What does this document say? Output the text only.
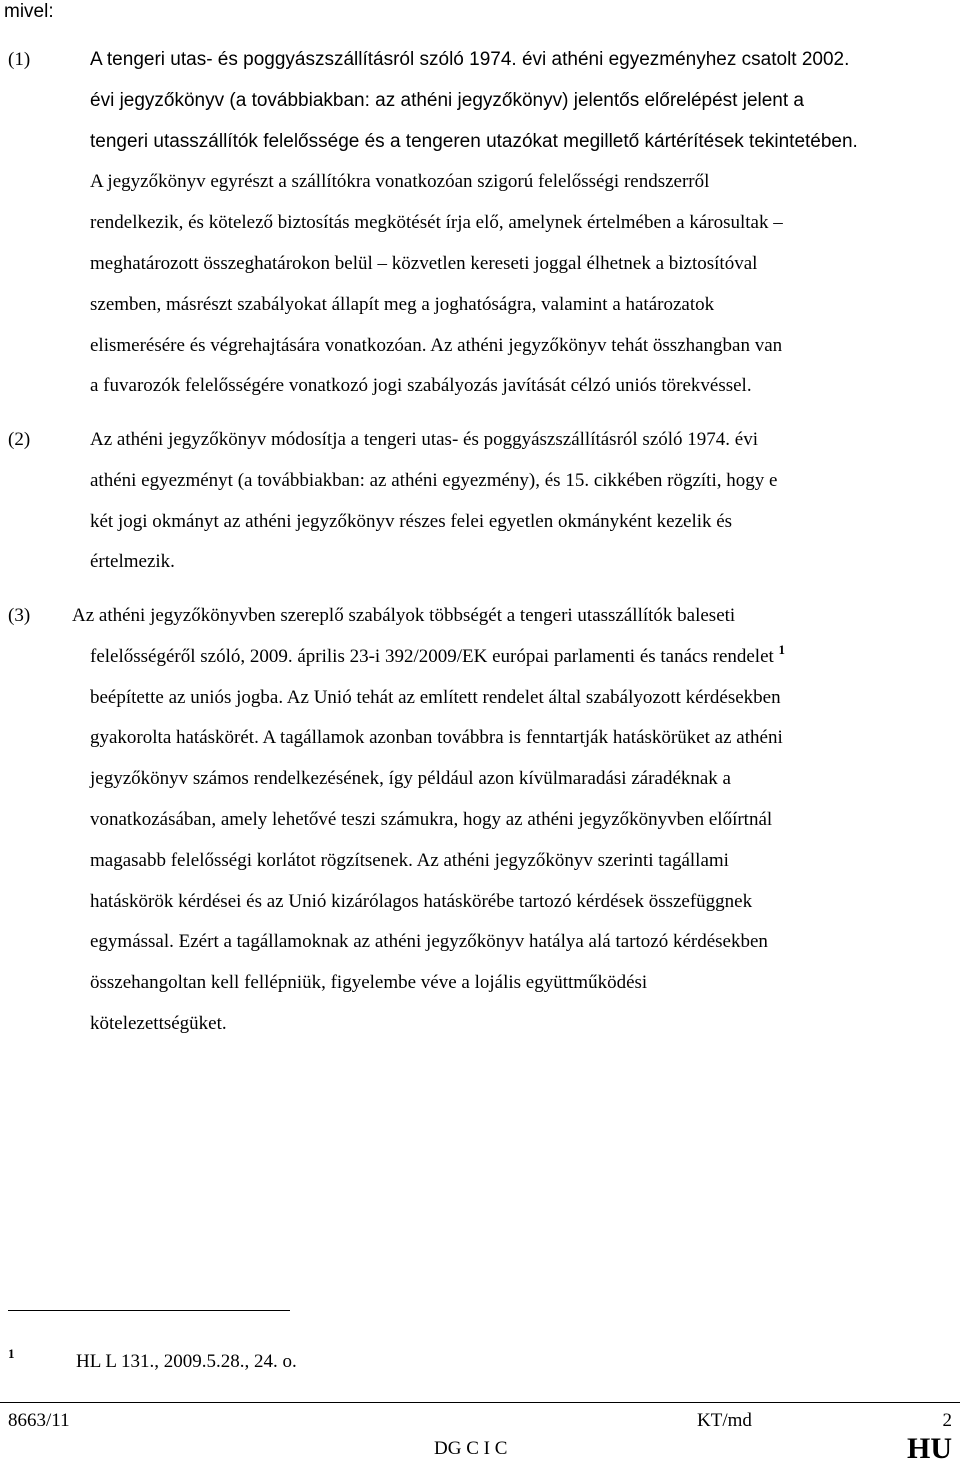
mivel:
(1)	A tengeri utas- és poggyászszállításról szóló 1974. évi athéni egyezményhez csatolt 2002.
évi jegyzőkönyv (a továbbiakban: az athéni jegyzőkönyv) jelentős előrelépést jelent a
tengeri utasszállítók felelőssége és a tengeren utazókat megillető kártérítések tekintetében.
A jegyzőkönyv egyrészt a szállítókra vonatkozóan szigorú felelősségi rendszerről
rendelkezik, és kötelező biztosítás megkötését írja elő, amelynek értelmében a károsultak –
meghatározott összeghatárokon belül – közvetlen kereseti joggal élhetnek a biztosítóval
szemben, másrészt szabályokat állapít meg a joghatóságra, valamint a határozatok
elismerésére és végrehajtására vonatkozóan. Az athéni jegyzőkönyv tehát összhangban van
a fuvarozók felelősségére vonatkozó jogi szabályozás javítását célzó uniós törekvéssel.
(2)	Az athéni jegyzőkönyv módosítja a tengeri utas- és poggyászszállításról szóló 1974. évi
athéni egyezményt (a továbbiakban: az athéni egyezmény), és 15. cikkében rögzíti, hogy e
két jogi okmányt az athéni jegyzőkönyv részes felei egyetlen okmányként kezelik és
értelmezik.
(3) Az athéni jegyzőkönyvben szereplő szabályok többségét a tengeri utasszállítók baleseti
felelősségéről szóló, 2009. április 23-i 392/2009/EK európai parlamenti és tanács rendelet $^1$
beépítette az uniós jogba. Az Unió tehát az említett rendelet által szabályozott kérdésekben
gyakorolta hatáskörét. A tagállamok azonban továbbra is fenntartják hatáskörüket az athéni
jegyzőkönyv számos rendelkezésének, így például azon kívülmaradási záradéknak a
vonatkozásában, amely lehetővé teszi számukra, hogy az athéni jegyzőkönyvben előírtnál
magasabb felelősségi korlátot rögzítsenek. Az athéni jegyzőkönyv szerinti tagállami
hatáskörök kérdései és az Unió kizárólagos hatáskörébe tartozó kérdések összefüggnek
egymással. Ezért a tagállamoknak az athéni jegyzőkönyv hatálya alá tartozó kérdésekben
összehangoltan kell fellépniük, figyelembe véve a lojális együttműködési
kötelezettségüket.
1	HL L 131., 2009.5.28., 24. o.
8663/11	KT/md	2
DG C I C	HU
